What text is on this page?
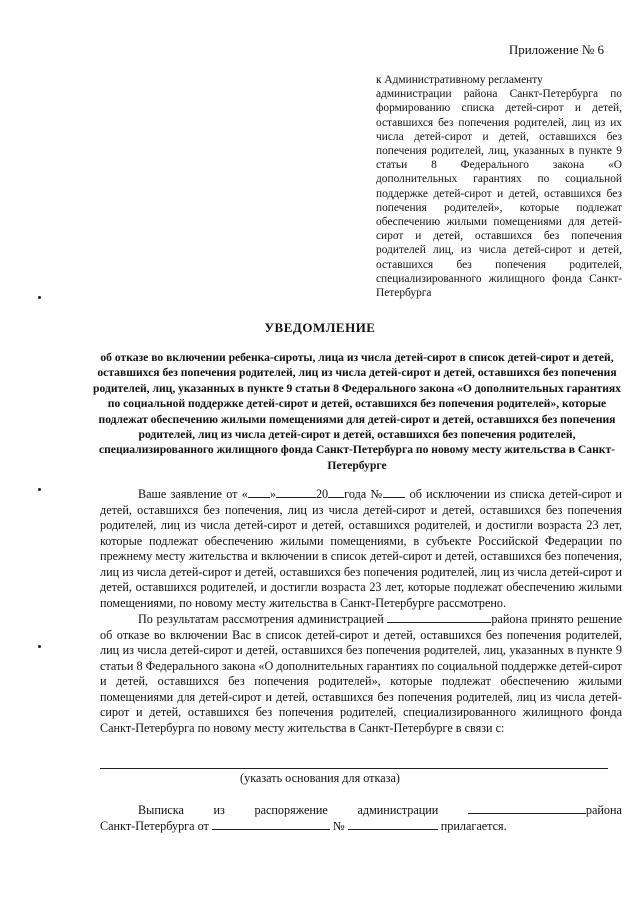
Приложение № 6

к Административному регламенту

администрации района Санкт-Петербурга по формированию списка детей-сирот и детей, оставшихся без попечения родителей, лиц из их числа детей-сирот и детей, оставшихся без попечения родителей, лиц, указанных в пункте 9 статьи 8 Федерального закона «О дополнительных гарантиях по социальной поддержке детей-сирот и детей, оставшихся без попечения родителей», которые подлежат обеспечению жилыми помещениями для детей-сирот и детей, оставшихся без попечения родителей лиц, из числа детей-сирот и детей, оставшихся без попечения родителей, специализированного жилищного фонда Санкт-Петербурга

УВЕДОМЛЕНИЕ
об отказе во включении ребенка-сироты, лица из числа детей-сирот в список детей-сирот и детей, оставшихся без попечения родителей, лиц из числа детей-сирот и детей, оставшихся без попечения родителей, лиц, указанных в пункте 9 статьи 8 Федерального закона «О дополнительных гарантиях по социальной поддержке детей-сирот и детей, оставшихся без попечения родителей», которые подлежат обеспечению жилыми помещениями для детей-сирот и детей, оставшихся без попечения родителей, лиц из числа детей-сирот и детей, оставшихся без попечения родителей, специализированного жилищного фонда Санкт-Петербурга по новому месту жительства в Санкт-Петербурге

Ваше заявление от « »	20 года № об исключении из списка детей-сирот и детей, оставшихся без попечения, лиц из числа детей-сирот и детей, оставшихся без попечения родителей, лиц из числа детей-сирот и детей, оставшихся родителей, и достигли возраста 23 лет, которые подлежат обеспечению жилыми помещениями, в субъекте Российской Федерации по прежнему месту жительства и включении в список детей-сирот и детей, оставшихся без попечения, лиц из числа детей-сирот и детей, оставшихся без попечения родителей, лиц из числа детей-сирот и детей, оставшихся родителей, и достигли возраста 23 лет, которые подлежат обеспечению жилыми помещениями, по новому месту жительства в Санкт-Петербурге рассмотрено.

По результатам рассмотрения администрацией	района принято решение об отказе во включении Вас в список детей-сирот и детей, оставшихся без попечения родителей, лиц из числа детей-сирот и детей, оставшихся без попечения родителей, лиц, указанных в пункте 9 статьи 8 Федерального закона «О дополнительных гарантиях по социальной поддержке детей-сирот и детей, оставшихся без попечения родителей», которые подлежат обеспечению жилыми помещениями для детей-сирот и детей, оставшихся без попечения родителей, лиц из числа детей-сирот и детей, оставшихся без попечения родителей, специализированного жилищного фонда Санкт-Петербурга по новому месту жительства в Санкт-Петербурге в связи с:

(указать основания для отказа)
Выписка из распоряжение администрации	района
Санкт-Петербурга от	№	прилагается.
